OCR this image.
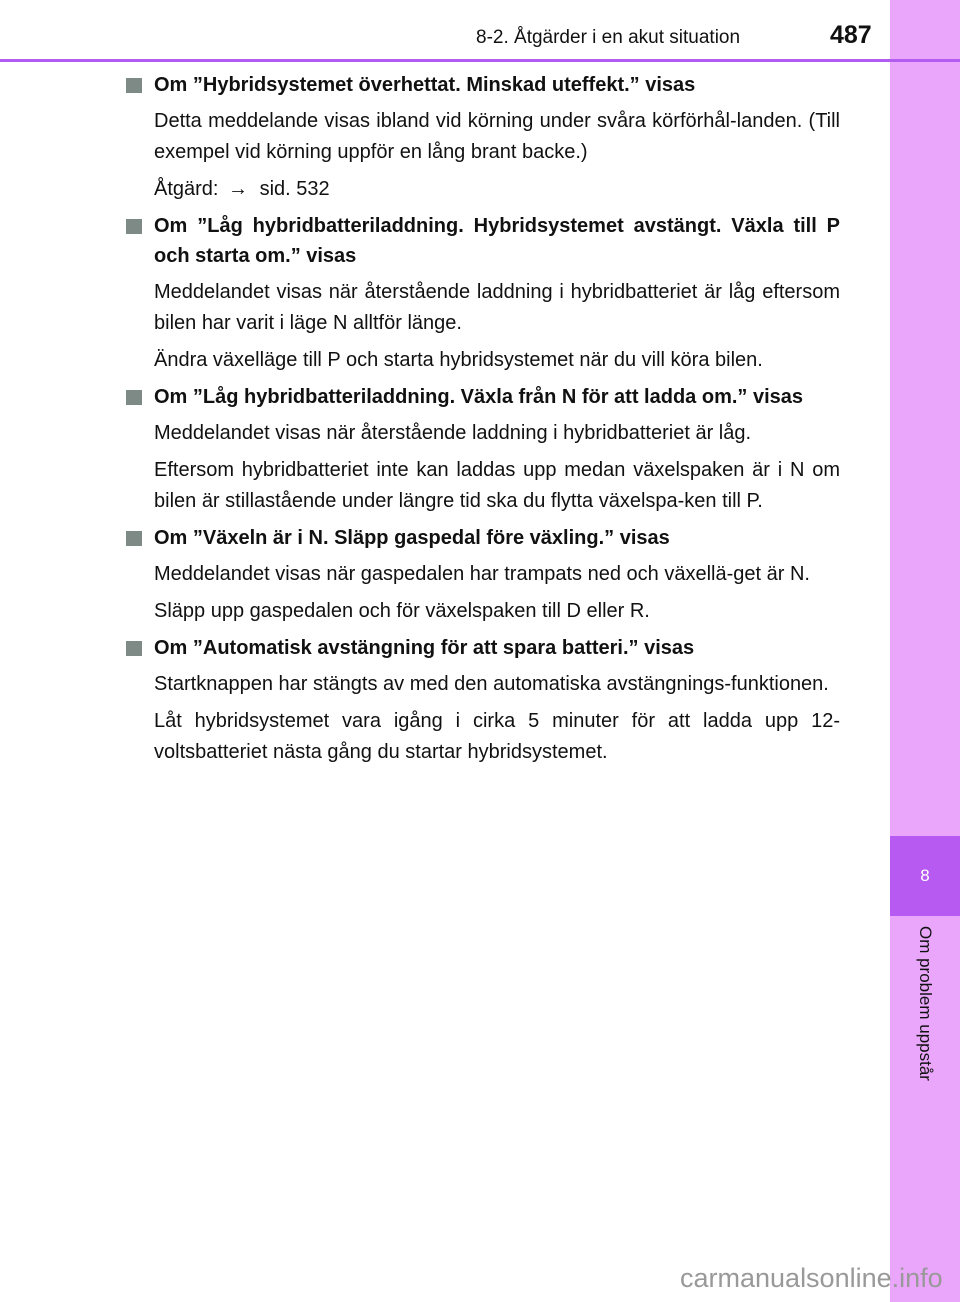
8
Om problem uppstår
8-2. Åtgärder i en akut situation	487
Om ”Hybridsystemet överhettat. Minskad uteffekt.” visas

Detta meddelande visas ibland vid körning under svåra körförhål-landen. (Till exempel vid körning uppför en lång brant backe.)

Åtgärd: → sid. 532

Om ”Låg hybridbatteriladdning. Hybridsystemet avstängt. Växla till P och starta om.” visas

Meddelandet visas när återstående laddning i hybridbatteriet är låg eftersom bilen har varit i läge N alltför länge.

Ändra växelläge till P och starta hybridsystemet när du vill köra bilen.

Om ”Låg hybridbatteriladdning. Växla från N för att ladda om.” visas

Meddelandet visas när återstående laddning i hybridbatteriet är låg.

Eftersom hybridbatteriet inte kan laddas upp medan växelspaken är i N om bilen är stillastående under längre tid ska du flytta växelspa-ken till P.

Om ”Växeln är i N. Släpp gaspedal före växling.” visas

Meddelandet visas när gaspedalen har trampats ned och växellä-get är N.

Släpp upp gaspedalen och för växelspaken till D eller R.

Om ”Automatisk avstängning för att spara batteri.” visas

Startknappen har stängts av med den automatiska avstängnings-funktionen.

Låt hybridsystemet vara igång i cirka 5 minuter för att ladda upp 12-voltsbatteriet nästa gång du startar hybridsystemet.

carmanualsonline.info
